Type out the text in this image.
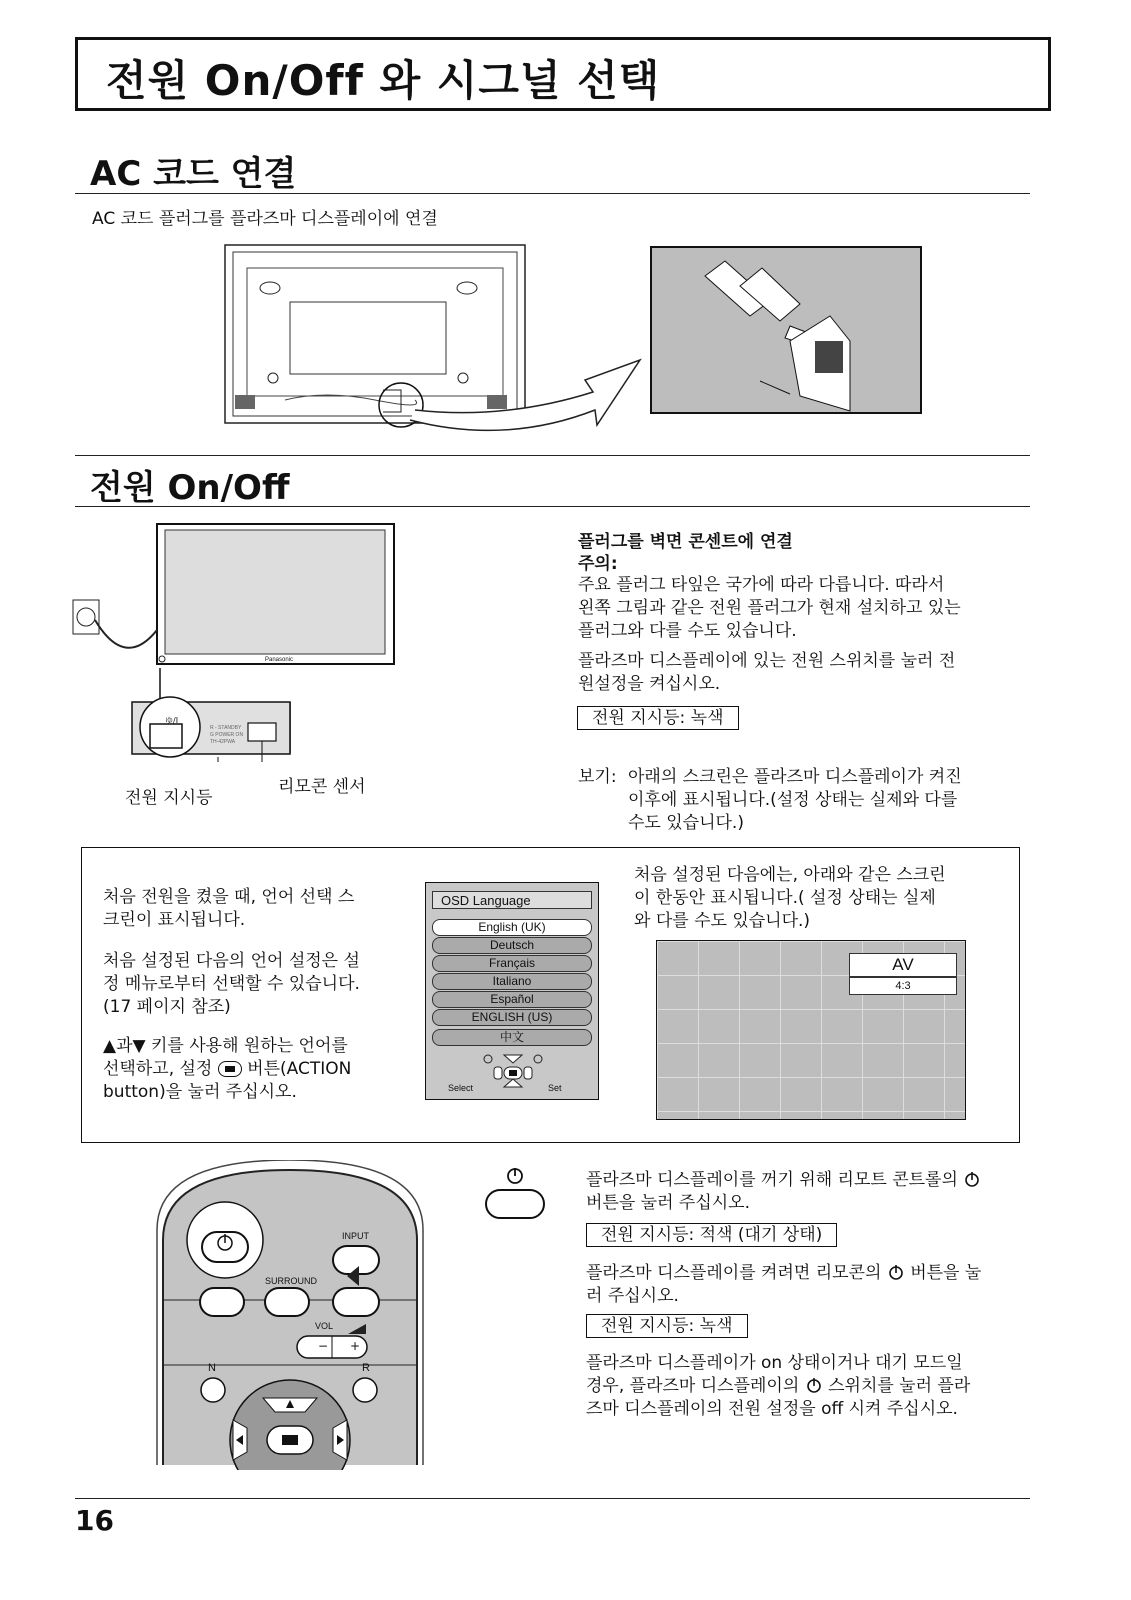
전원 On/Off 와 시그널 선택
AC 코드 연결
AC 코드 플러그를 플라즈마 디스플레이에 연결
전원 On/Off
Panasonic
ゆ/I
R - STANDBY
G POWER ON
TH-42PWA
전원 지시등
리모콘 센서
플러그를 벽면 콘센트에 연결
주의:
주요 플러그 타잎은 국가에 따라 다릅니다. 따라서
왼쪽 그림과 같은 전원 플러그가 현재 설치하고 있는
플러그와 다를 수도 있습니다.
플라즈마 디스플레이에 있는 전원 스위치를 눌러 전
원설정을 켜십시오.
전원 지시등: 녹색
보기: 아래의 스크린은 플라즈마 디스플레이가 켜진
이후에 표시됩니다.(설정 상태는 실제와 다를
수도 있습니다.)
처음 전원을 켰을 때, 언어 선택 스
크린이 표시됩니다.
처음 설정된 다음의 언어 설정은 설
정 메뉴로부터 선택할 수 있습니다.
(17 페이지 참조)
▲과▼ 키를 사용해 원하는 언어를
선택하고, 설정 버튼(ACTION
button)을 눌러 주십시오.
OSD Language
English (UK)
Deutsch
Français
Italiano
Español
ENGLISH (US)
中文
Select	Set
처음 설정된 다음에는, 아래와 같은 스크린
이 한동안 표시됩니다.( 설정 상태는 실제
와 다를 수도 있습니다.)
AV
4:3
INPUT
SURROUND
VOL
− +
N	R
플라즈마 디스플레이를 꺼기 위해 리모트 콘트롤의
버튼을 눌러 주십시오.
전원 지시등: 적색 (대기 상태)
플라즈마 디스플레이를 켜려면 리모콘의 버튼을 눌
러 주십시오.
전원 지시등: 녹색
플라즈마 디스플레이가 on 상태이거나 대기 모드일
경우, 플라즈마 디스플레이의 스위치를 눌러 플라
즈마 디스플레이의 전원 설정을 off 시켜 주십시오.
16
